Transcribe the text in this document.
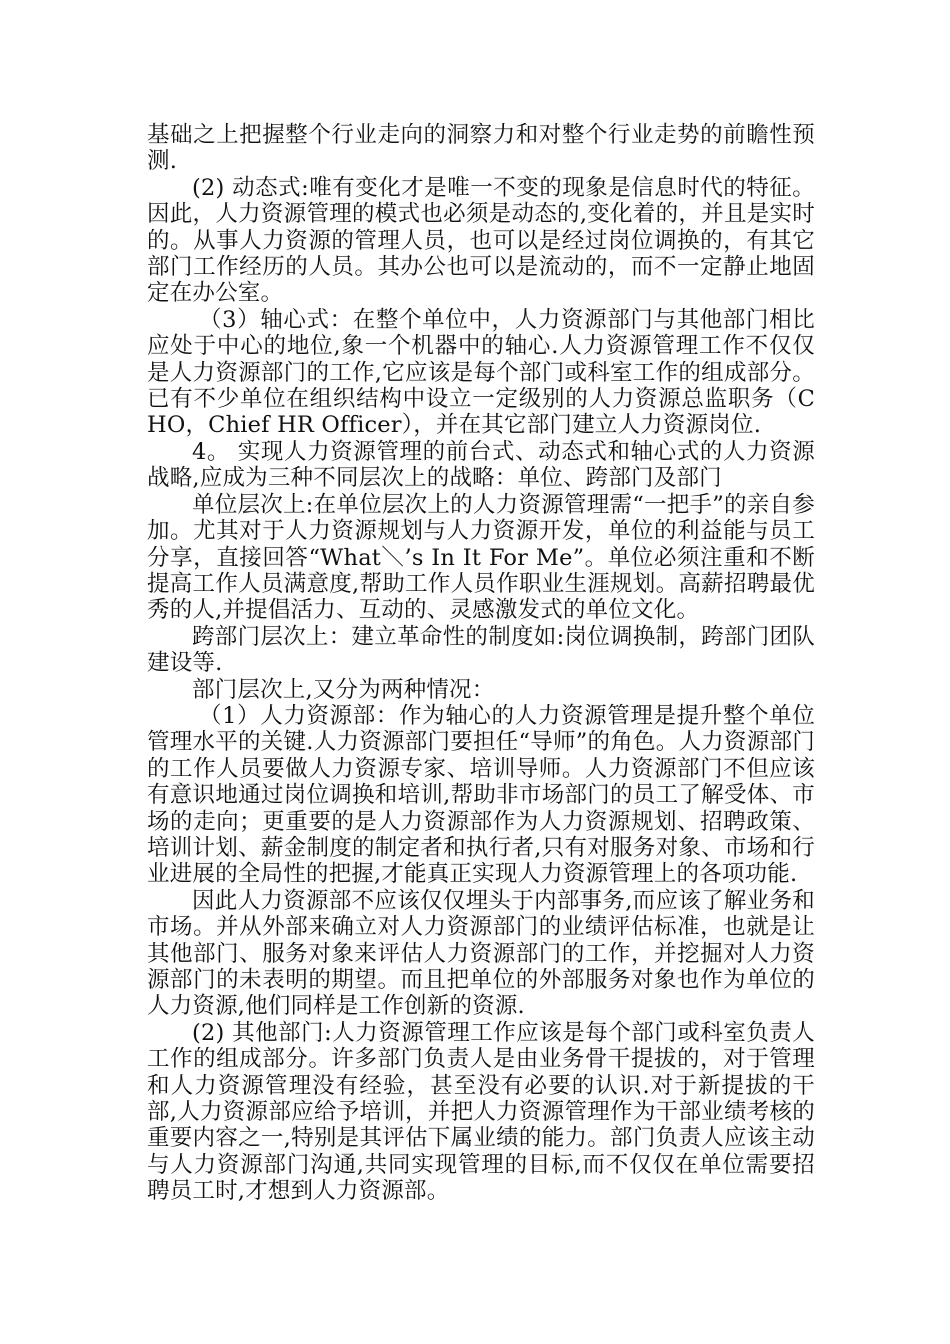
基础之上把握整个行业走向的洞察力和对整个行业走势的前瞻性预测.

(2) 动态式:唯有变化才是唯一不变的现象是信息时代的特征。因此，人力资源管理的模式也必须是动态的,变化着的，并且是实时的。从事人力资源的管理人员，也可以是经过岗位调换的，有其它部门工作经历的人员。其办公也可以是流动的，而不一定静止地固定在办公室。

（3）轴心式：在整个单位中，人力资源部门与其他部门相比应处于中心的地位,象一个机器中的轴心.人力资源管理工作不仅仅是人力资源部门的工作,它应该是每个部门或科室工作的组成部分。已有不少单位在组织结构中设立一定级别的人力资源总监职务（CHO，Chief HR Officer），并在其它部门建立人力资源岗位.

4。 实现人力资源管理的前台式、动态式和轴心式的人力资源战略,应成为三种不同层次上的战略：单位、跨部门及部门

单位层次上:在单位层次上的人力资源管理需“一把手”的亲自参加。尤其对于人力资源规划与人力资源开发，单位的利益能与员工分享，直接回答“What＼’s In It For Me”。单位必须注重和不断提高工作人员满意度,帮助工作人员作职业生涯规划。高薪招聘最优秀的人,并提倡活力、互动的、灵感激发式的单位文化。

跨部门层次上：建立革命性的制度如:岗位调换制，跨部门团队建设等.

部门层次上,又分为两种情况：

（1）人力资源部：作为轴心的人力资源管理是提升整个单位管理水平的关键.人力资源部门要担任“导师”的角色。人力资源部门的工作人员要做人力资源专家、培训导师。人力资源部门不但应该有意识地通过岗位调换和培训,帮助非市场部门的员工了解受体、市场的走向；更重要的是人力资源部作为人力资源规划、招聘政策、培训计划、薪金制度的制定者和执行者,只有对服务对象、市场和行业进展的全局性的把握,才能真正实现人力资源管理上的各项功能.

因此人力资源部不应该仅仅埋头于内部事务,而应该了解业务和市场。并从外部来确立对人力资源部门的业绩评估标准，也就是让其他部门、服务对象来评估人力资源部门的工作，并挖掘对人力资源部门的未表明的期望。而且把单位的外部服务对象也作为单位的人力资源,他们同样是工作创新的资源.

(2) 其他部门:人力资源管理工作应该是每个部门或科室负责人工作的组成部分。许多部门负责人是由业务骨干提拔的，对于管理和人力资源管理没有经验，甚至没有必要的认识.对于新提拔的干部,人力资源部应给予培训，并把人力资源管理作为干部业绩考核的重要内容之一,特别是其评估下属业绩的能力。部门负责人应该主动与人力资源部门沟通,共同实现管理的目标,而不仅仅在单位需要招聘员工时,才想到人力资源部。
